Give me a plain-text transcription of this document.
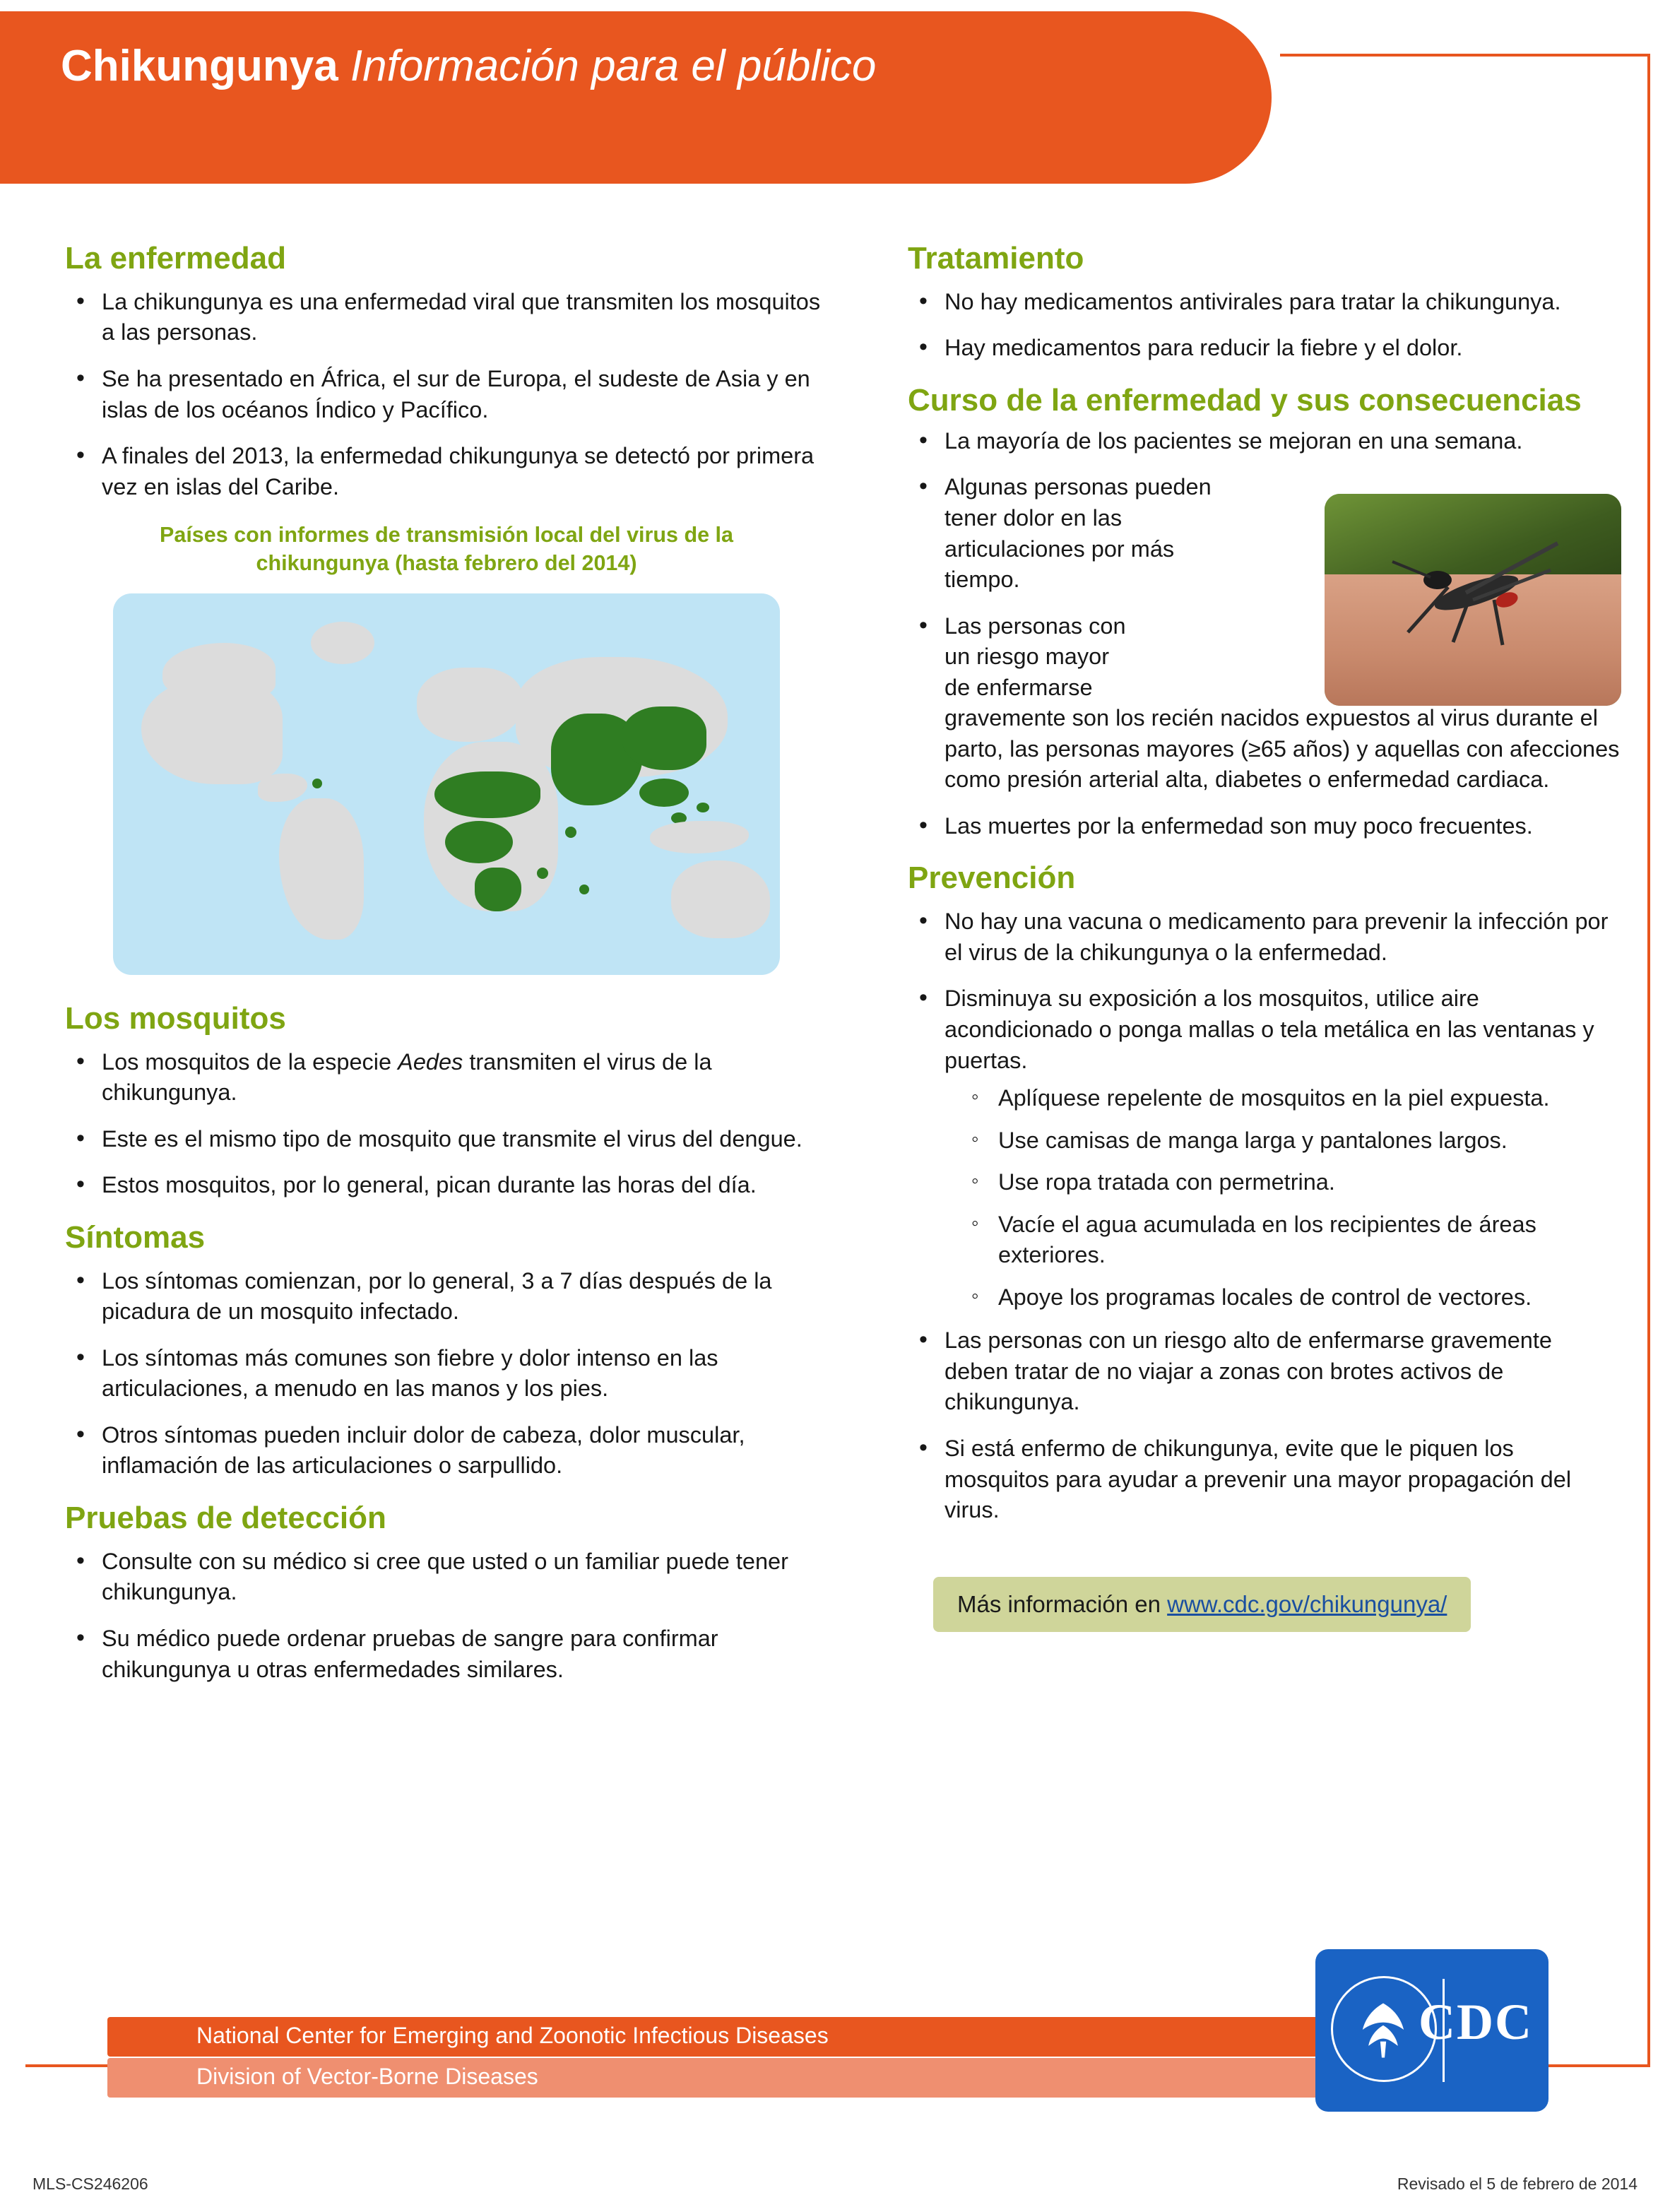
Chikungunya Información para el público
La enfermedad
• La chikungunya es una enfermedad viral que transmiten los mosquitos a las personas.
• Se ha presentado en África, el sur de Europa, el sudeste de Asia y en islas de los océanos Índico y Pacífico.
• A finales del 2013, la enfermedad chikungunya se detectó por primera vez en islas del Caribe.
Países con informes de transmisión local del virus de la chikungunya (hasta febrero del 2014)
Los mosquitos
• Los mosquitos de la especie Aedes transmiten el virus de la chikungunya.
• Este es el mismo tipo de mosquito que transmite el virus del dengue.
• Estos mosquitos, por lo general, pican durante las horas del día.
Síntomas
• Los síntomas comienzan, por lo general, 3 a 7 días después de la picadura de un mosquito infectado.
• Los síntomas más comunes son fiebre y dolor intenso en las articulaciones, a menudo en las manos y los pies.
• Otros síntomas pueden incluir dolor de cabeza, dolor muscular, inflamación de las articulaciones o sarpullido.
Pruebas de detección
• Consulte con su médico si cree que usted o un familiar puede tener chikungunya.
• Su médico puede ordenar pruebas de sangre para confirmar chikungunya u otras enfermedades similares.
Tratamiento
• No hay medicamentos antivirales para tratar la chikungunya.
• Hay medicamentos para reducir la fiebre y el dolor.
Curso de la enfermedad y sus consecuencias
• La mayoría de los pacientes se mejoran en una semana.
• Algunas personas pueden tener dolor en las articulaciones por más tiempo.
• Las personas con
un riesgo mayor
de enfermarse
gravemente son los recién nacidos expuestos al virus durante el parto, las personas mayores (≥65 años) y aquellas con afecciones como presión arterial alta, diabetes o enfermedad cardiaca.
• Las muertes por la enfermedad son muy poco frecuentes.
Prevención
• No hay una vacuna o medicamento para prevenir la infección por el virus de la chikungunya o la enfermedad.
• Disminuya su exposición a los mosquitos, utilice aire acondicionado o ponga mallas o tela metálica en las ventanas y puertas.
◦ Aplíquese repelente de mosquitos en la piel expuesta.
◦ Use camisas de manga larga y pantalones largos.
◦ Use ropa tratada con permetrina.
◦ Vacíe el agua acumulada en los recipientes de áreas exteriores.
◦ Apoye los programas locales de control de vectores.
• Las personas con un riesgo alto de enfermarse gravemente deben tratar de no viajar a zonas con brotes activos de chikungunya.
• Si está enfermo de chikungunya, evite que le piquen los mosquitos para ayudar a prevenir una mayor propagación del virus.
Más información en www.cdc.gov/chikungunya/
National Center for Emerging and Zoonotic Infectious Diseases
Division of Vector-Borne Diseases
CDC
MLS-CS246206	Revisado el 5 de febrero de 2014
